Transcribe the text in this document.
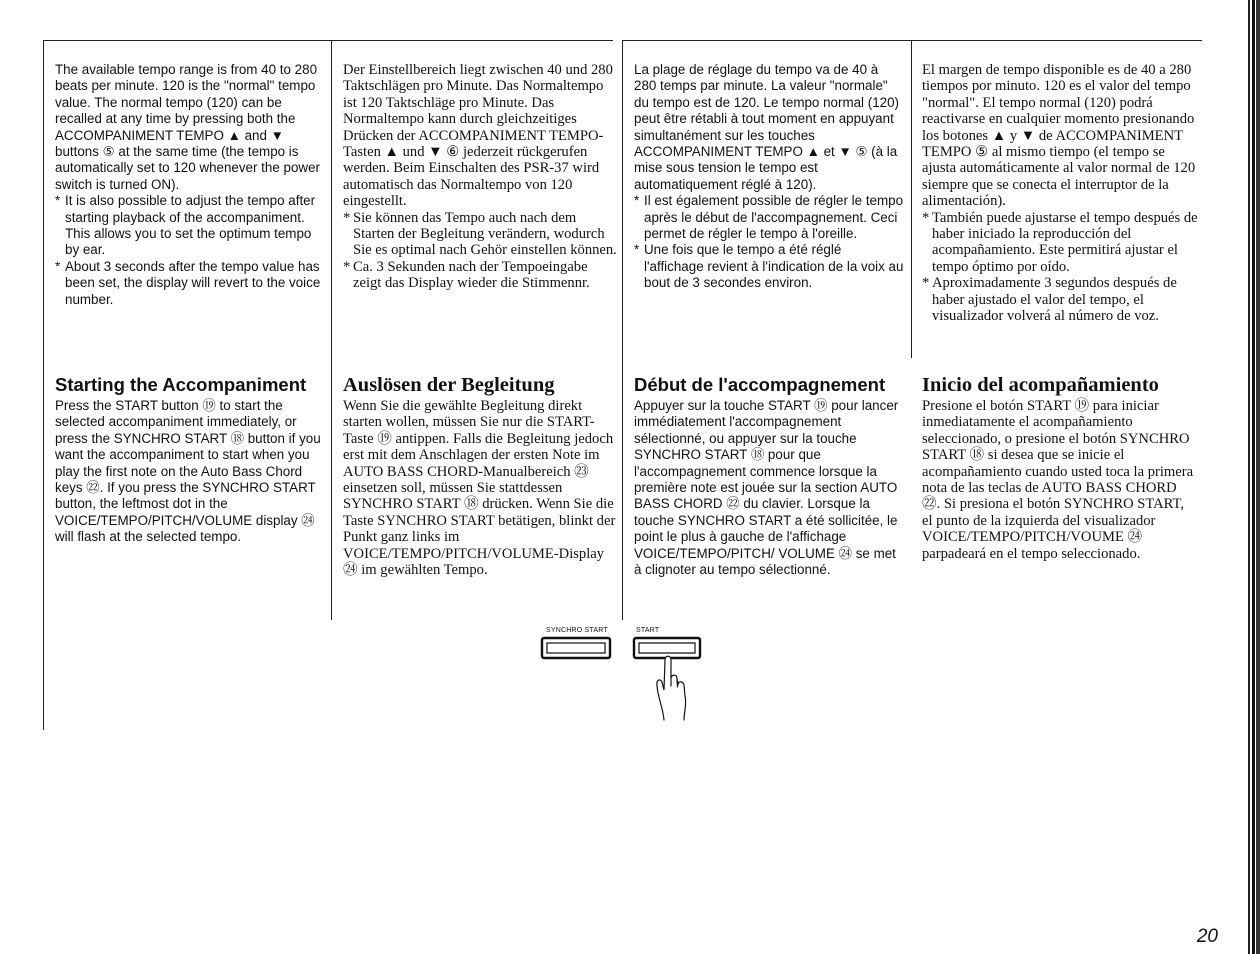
The available tempo range is from 40 to 280 beats per minute. 120 is the "normal" tempo value. The normal tempo (120) can be recalled at any time by pressing both the ACCOMPANIMENT TEMPO ▲ and ▼ buttons ⑤ at the same time (the tempo is automatically set to 120 whenever the power switch is turned ON).

* It is also possible to adjust the tempo after starting playback of the accompaniment. This allows you to set the optimum tempo by ear.
* About 3 seconds after the tempo value has been set, the display will revert to the voice number.
Starting the Accompaniment

Press the START button ⑲ to start the selected accompaniment immediately, or press the SYNCHRO START ⑱ button if you want the accompaniment to start when you play the first note on the Auto Bass Chord keys ㉒. If you press the SYNCHRO START button, the leftmost dot in the VOICE/TEMPO/PITCH/VOLUME display ㉔ will flash at the selected tempo.

Der Einstellbereich liegt zwischen 40 und 280 Taktschlägen pro Minute. Das Normaltempo ist 120 Taktschläge pro Minute. Das Normaltempo kann durch gleichzeitiges Drücken der ACCOMPANIMENT TEMPO-Tasten ▲ und ▼ ⑥ jederzeit rückgerufen werden. Beim Einschalten des PSR-37 wird automatisch das Normaltempo von 120 eingestellt.

* Sie können das Tempo auch nach dem Starten der Begleitung verändern, wodurch Sie es optimal nach Gehör einstellen können.
* Ca. 3 Sekunden nach der Tempoeingabe zeigt das Display wieder die Stimmennr.
Auslösen der Begleitung

Wenn Sie die gewählte Begleitung direkt starten wollen, müssen Sie nur die START-Taste ⑲ antippen. Falls die Begleitung jedoch erst mit dem Anschlagen der ersten Note im AUTO BASS CHORD-Manualbereich ㉓ einsetzen soll, müssen Sie stattdessen SYNCHRO START ⑱ drücken. Wenn Sie die Taste SYNCHRO START betätigen, blinkt der Punkt ganz links im VOICE/TEMPO/PITCH/VOLUME-Display ㉔ im gewählten Tempo.

La plage de réglage du tempo va de 40 à 280 temps par minute. La valeur "normale" du tempo est de 120. Le tempo normal (120) peut être rétabli à tout moment en appuyant simultanément sur les touches ACCOMPANIMENT TEMPO ▲ et ▼ ⑤ (à la mise sous tension le tempo est automatiquement réglé à 120).

* Il est également possible de régler le tempo après le début de l'accompagnement. Ceci permet de régler le tempo à l'oreille.
* Une fois que le tempo a été réglé l'affichage revient à l'indication de la voix au bout de 3 secondes environ.
Début de l'accompagnement

Appuyer sur la touche START ⑲ pour lancer immédiatement l'accompagnement sélectionné, ou appuyer sur la touche SYNCHRO START ⑱ pour que l'accompagnement commence lorsque la première note est jouée sur la section AUTO BASS CHORD ㉒ du clavier. Lorsque la touche SYNCHRO START a été sollicitée, le point le plus à gauche de l'affichage VOICE/TEMPO/PITCH/ VOLUME ㉔ se met à clignoter au tempo sélectionné.

El margen de tempo disponible es de 40 a 280 tiempos por minuto. 120 es el valor del tempo "normal". El tempo normal (120) podrá reactivarse en cualquier momento presionando los botones ▲ y ▼ de ACCOMPANIMENT TEMPO ⑤ al mismo tiempo (el tempo se ajusta automáticamente al valor normal de 120 siempre que se conecta el interruptor de la alimentación).

* También puede ajustarse el tempo después de haber iniciado la reproducción del acompañamiento. Este permitirá ajustar el tempo óptimo por oído.
* Aproximadamente 3 segundos después de haber ajustado el valor del tempo, el visualizador volverá al número de voz.
Inicio del acompañamiento

Presione el botón START ⑲ para iniciar inmediatamente el acompañamiento seleccionado, o presione el botón SYNCHRO START ⑱ si desea que se inicie el acompañamiento cuando usted toca la primera nota de las teclas de AUTO BASS CHORD ㉒. Si presiona el botón SYNCHRO START, el punto de la izquierda del visualizador VOICE/TEMPO/PITCH/VOUME ㉔ parpadeará en el tempo seleccionado.

SYNCHRO START	START
20
